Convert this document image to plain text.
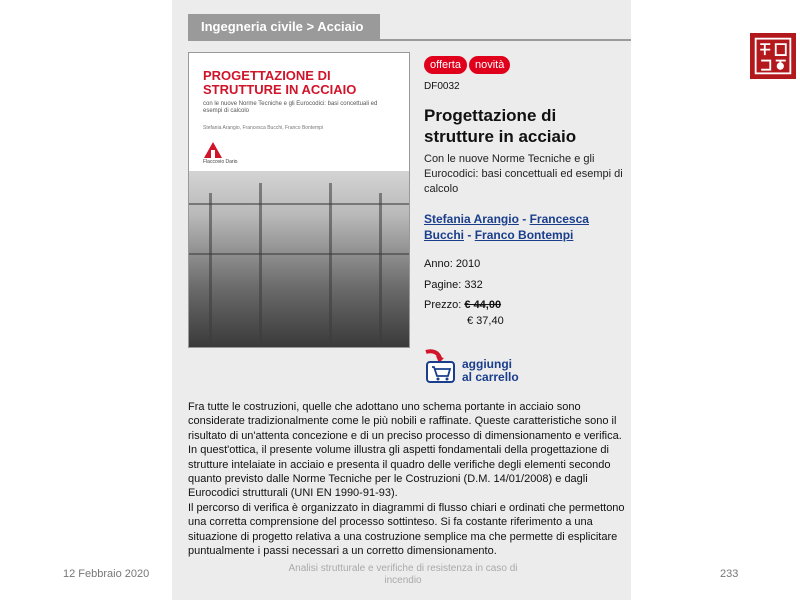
Ingegneria civile > Acciaio
PROGETTAZIONE DI STRUTTURE IN ACCIAIO
con le nuove Norme Tecniche e gli Eurocodici: basi concettuali ed esempi di calcolo
Stefania Arangio, Francesca Bucchi, Franco Bontempi
Flaccovio Dario
offerta novità
DF0032
Progettazione di strutture in acciaio
Con le nuove Norme Tecniche e gli Eurocodici: basi concettuali ed esempi di calcolo
Stefania Arangio - Francesca Bucchi - Franco Bontempi
Anno: 2010
Pagine: 332
Prezzo: € 44,00
€ 37,40
aggiungi
al carrello

Fra tutte le costruzioni, quelle che adottano uno schema portante in acciaio sono considerate tradizionalmente come le più nobili e raffinate. Queste caratteristiche sono il risultato di un'attenta concezione e di un preciso processo di dimensionamento e verifica.

In quest'ottica, il presente volume illustra gli aspetti fondamentali della progettazione di strutture intelaiate in acciaio e presenta il quadro delle verifiche degli elementi secondo quanto previsto dalle Norme Tecniche per le Costruzioni (D.M. 14/01/2008) e dagli Eurocodici strutturali (UNI EN 1990-91-93).

Il percorso di verifica è organizzato in diagrammi di flusso chiari e ordinati che permettono una corretta comprensione del processo sottinteso. Si fa costante riferimento a una situazione di progetto relativa a una costruzione semplice ma che permette di esplicitare puntualmente i passi necessari a un corretto dimensionamento.

12 Febbraio 2020	Analisi strutturale e verifiche di resistenza in caso di incendio
233
